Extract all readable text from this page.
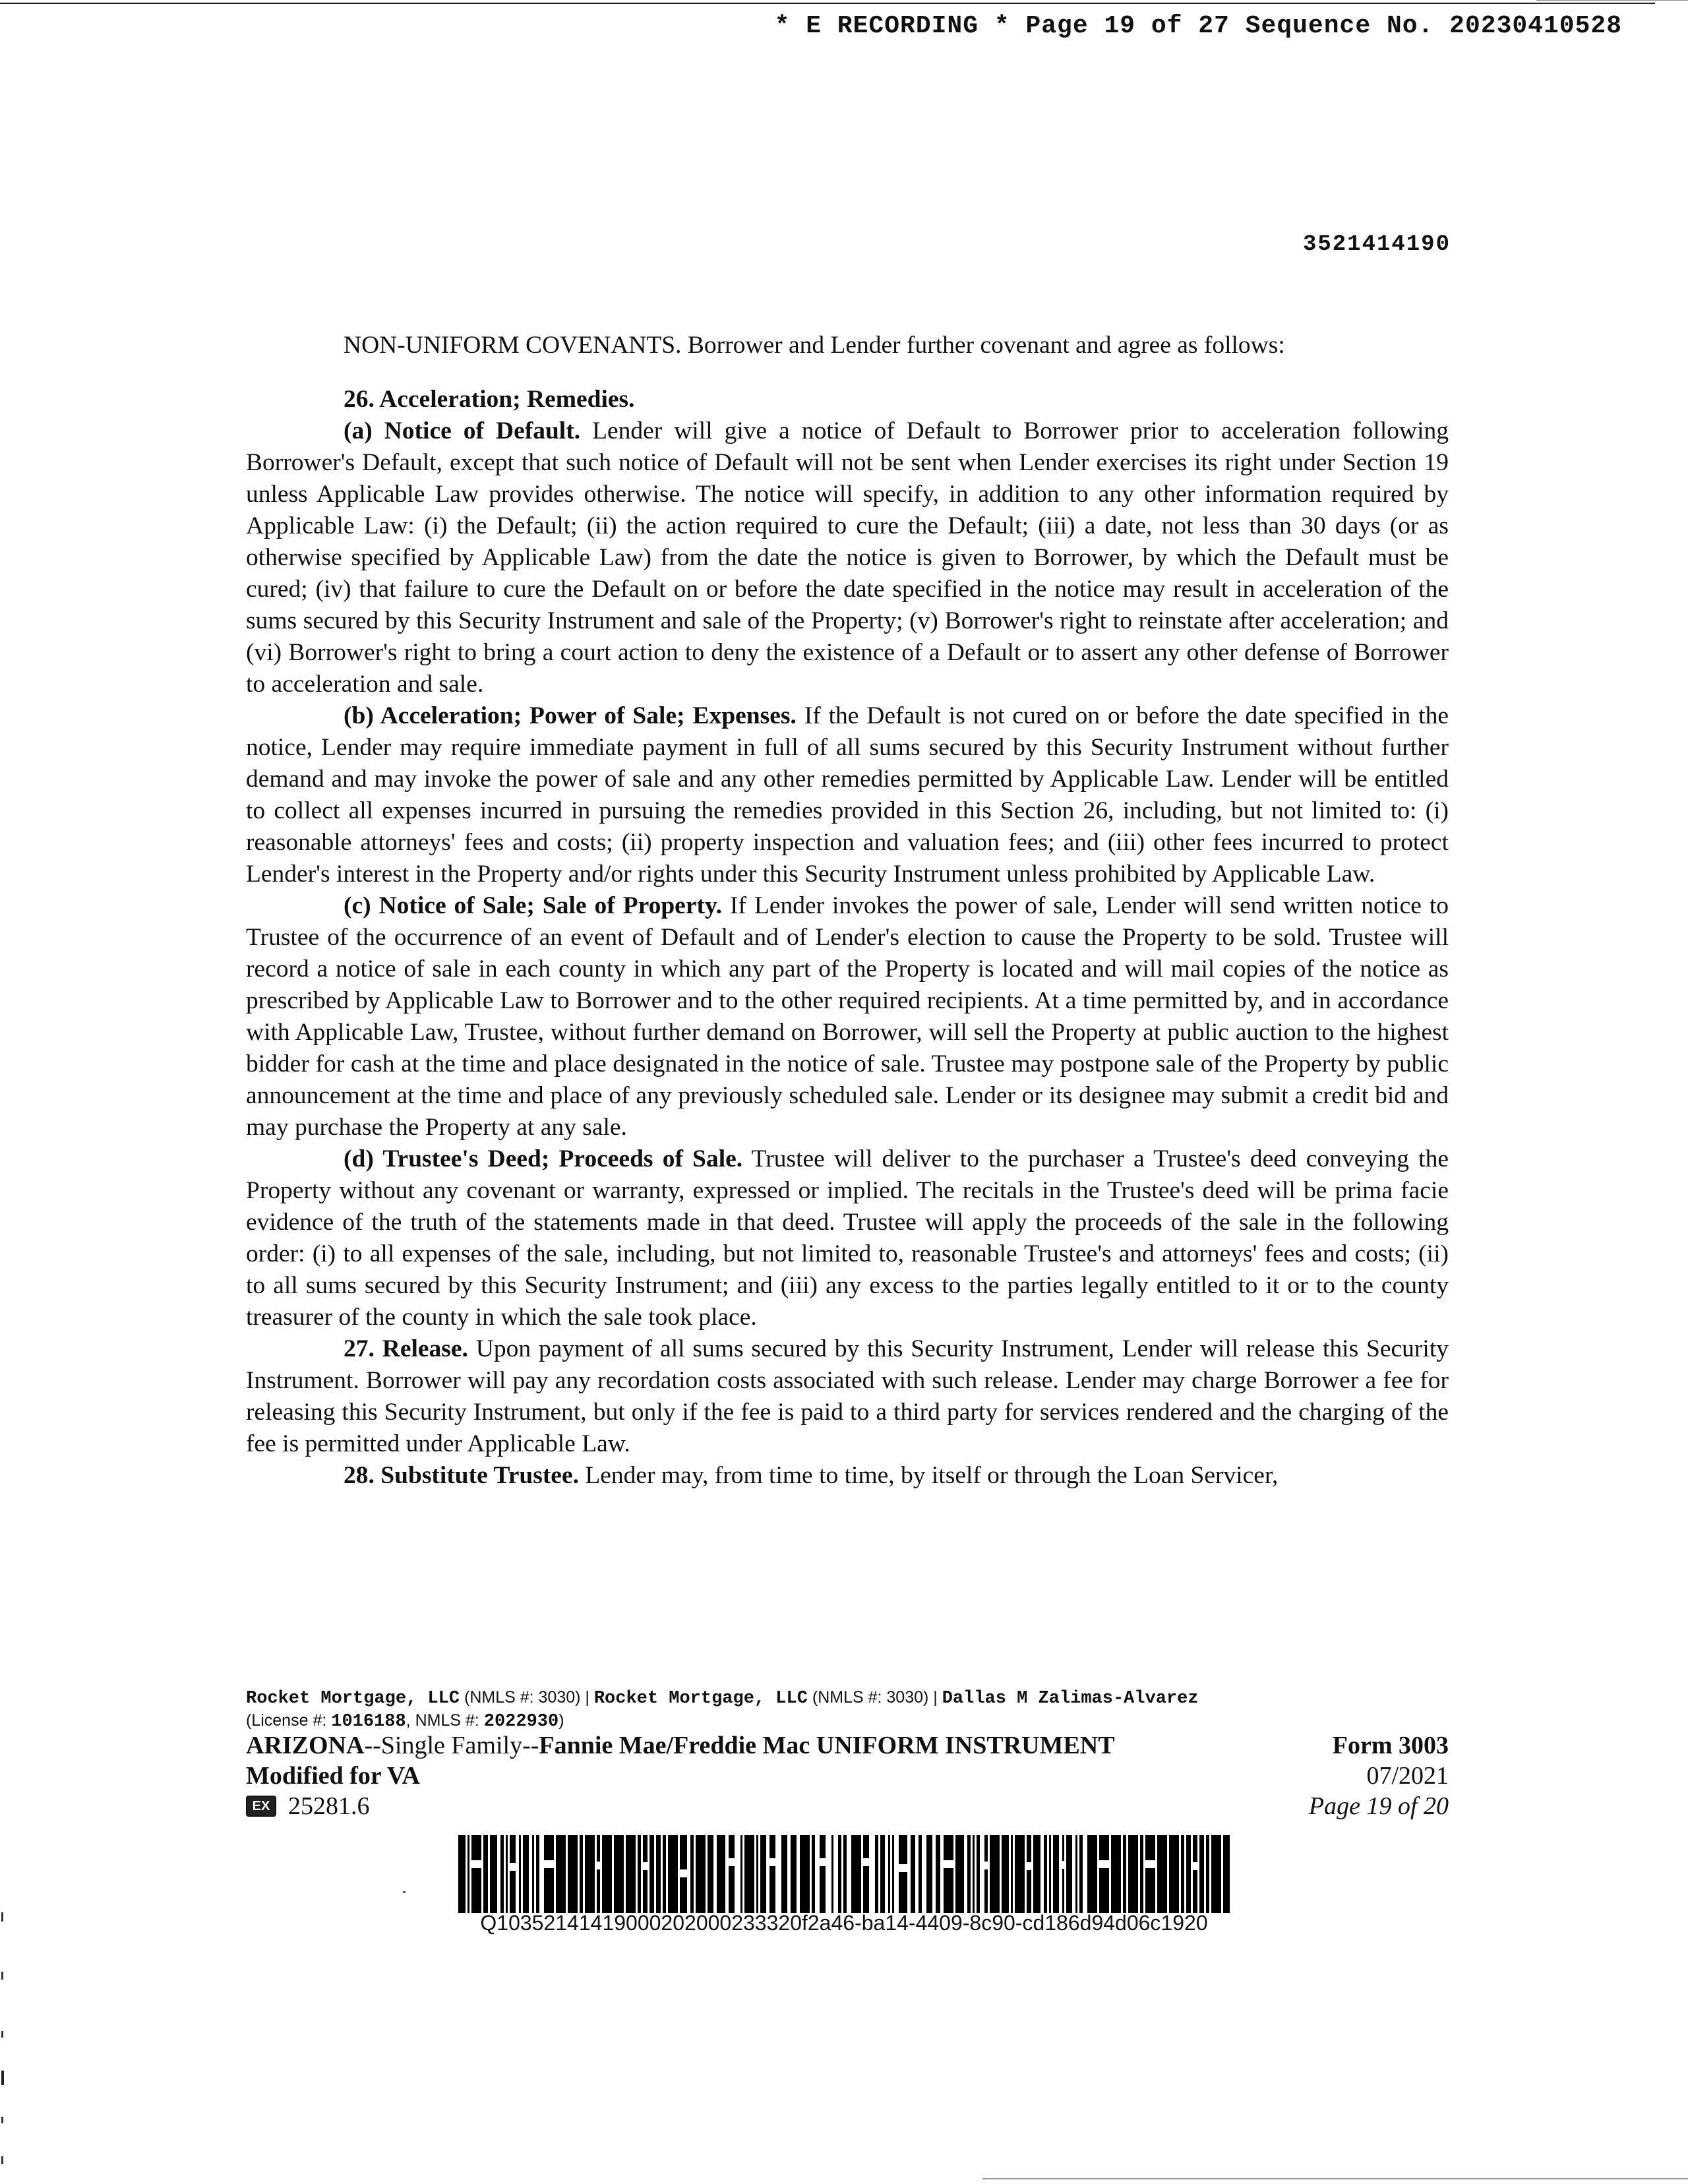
* E RECORDING * Page 19 of 27 Sequence No. 20230410528
3521414190

NON-UNIFORM COVENANTS. Borrower and Lender further covenant and agree as follows:

26. Acceleration; Remedies.

(a) Notice of Default. Lender will give a notice of Default to Borrower prior to acceleration following Borrower's Default, except that such notice of Default will not be sent when Lender exercises its right under Section 19 unless Applicable Law provides otherwise. The notice will specify, in addition to any other information required by Applicable Law: (i) the Default; (ii) the action required to cure the Default; (iii) a date, not less than 30 days (or as otherwise specified by Applicable Law) from the date the notice is given to Borrower, by which the Default must be cured; (iv) that failure to cure the Default on or before the date specified in the notice may result in acceleration of the sums secured by this Security Instrument and sale of the Property; (v) Borrower's right to reinstate after acceleration; and (vi) Borrower's right to bring a court action to deny the existence of a Default or to assert any other defense of Borrower to acceleration and sale.

(b) Acceleration; Power of Sale; Expenses. If the Default is not cured on or before the date specified in the notice, Lender may require immediate payment in full of all sums secured by this Security Instrument without further demand and may invoke the power of sale and any other remedies permitted by Applicable Law. Lender will be entitled to collect all expenses incurred in pursuing the remedies provided in this Section 26, including, but not limited to: (i) reasonable attorneys' fees and costs; (ii) property inspection and valuation fees; and (iii) other fees incurred to protect Lender's interest in the Property and/or rights under this Security Instrument unless prohibited by Applicable Law.

(c) Notice of Sale; Sale of Property. If Lender invokes the power of sale, Lender will send written notice to Trustee of the occurrence of an event of Default and of Lender's election to cause the Property to be sold. Trustee will record a notice of sale in each county in which any part of the Property is located and will mail copies of the notice as prescribed by Applicable Law to Borrower and to the other required recipients. At a time permitted by, and in accordance with Applicable Law, Trustee, without further demand on Borrower, will sell the Property at public auction to the highest bidder for cash at the time and place designated in the notice of sale. Trustee may postpone sale of the Property by public announcement at the time and place of any previously scheduled sale. Lender or its designee may submit a credit bid and may purchase the Property at any sale.

(d) Trustee's Deed; Proceeds of Sale. Trustee will deliver to the purchaser a Trustee's deed conveying the Property without any covenant or warranty, expressed or implied. The recitals in the Trustee's deed will be prima facie evidence of the truth of the statements made in that deed. Trustee will apply the proceeds of the sale in the following order: (i) to all expenses of the sale, including, but not limited to, reasonable Trustee's and attorneys' fees and costs; (ii) to all sums secured by this Security Instrument; and (iii) any excess to the parties legally entitled to it or to the county treasurer of the county in which the sale took place.

27. Release. Upon payment of all sums secured by this Security Instrument, Lender will release this Security Instrument. Borrower will pay any recordation costs associated with such release. Lender may charge Borrower a fee for releasing this Security Instrument, but only if the fee is paid to a third party for services rendered and the charging of the fee is permitted under Applicable Law.

28. Substitute Trustee. Lender may, from time to time, by itself or through the Loan Servicer,

Rocket Mortgage, LLC (NMLS #: 3030) | Rocket Mortgage, LLC (NMLS #: 3030) | Dallas M Zalimas-Alvarez
(License #: 1016188, NMLS #: 2022930)
ARIZONA--Single Family--Fannie Mae/Freddie Mac UNIFORM INSTRUMENT	Form 3003
Modified for VA	07/2021
EX 25281.6	Page 19 of 20
Q10352141419000202000233320f2a46-ba14-4409-8c90-cd186d94d06c1920
